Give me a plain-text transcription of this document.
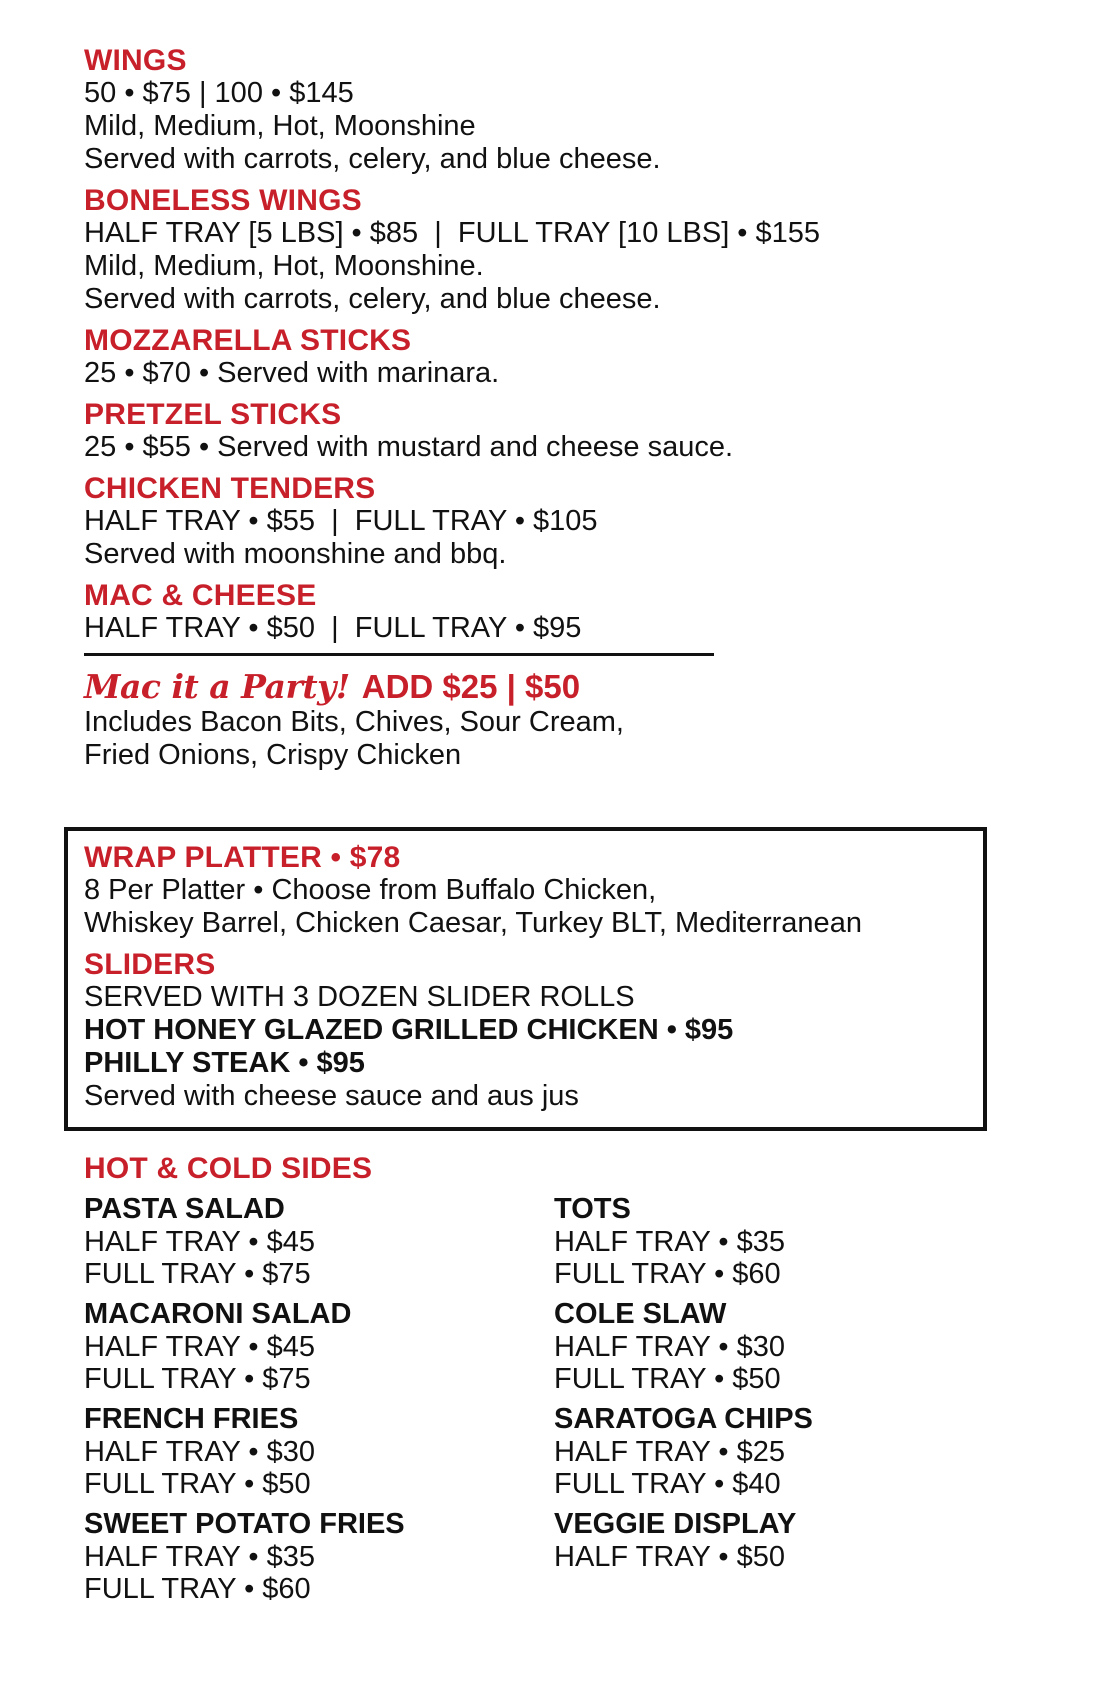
WINGS
50 • $75 | 100 • $145
Mild, Medium, Hot, Moonshine
Served with carrots, celery, and blue cheese.
BONELESS WINGS
HALF TRAY [5 LBS] • $85  |  FULL TRAY [10 LBS] • $155
Mild, Medium, Hot, Moonshine.
Served with carrots, celery, and blue cheese.
MOZZARELLA STICKS
25 • $70 • Served with marinara.
PRETZEL STICKS
25 • $55 • Served with mustard and cheese sauce.
CHICKEN TENDERS
HALF TRAY • $55  |  FULL TRAY • $105
Served with moonshine and bbq.
MAC & CHEESE
HALF TRAY • $50  |  FULL TRAY • $95
Mac it a Party! ADD $25 | $50
Includes Bacon Bits, Chives, Sour Cream,
Fried Onions, Crispy Chicken
WRAP PLATTER • $78
8 Per Platter • Choose from Buffalo Chicken,
Whiskey Barrel, Chicken Caesar, Turkey BLT, Mediterranean
SLIDERS
SERVED WITH 3 DOZEN SLIDER ROLLS
HOT HONEY GLAZED GRILLED CHICKEN • $95
PHILLY STEAK • $95
Served with cheese sauce and aus jus
HOT & COLD SIDES
PASTA SALAD
HALF TRAY • $45
FULL TRAY • $75
MACARONI SALAD
HALF TRAY • $45
FULL TRAY • $75
FRENCH FRIES
HALF TRAY • $30
FULL TRAY • $50
SWEET POTATO FRIES
HALF TRAY • $35
FULL TRAY • $60
TOTS
HALF TRAY • $35
FULL TRAY • $60
COLE SLAW
HALF TRAY • $30
FULL TRAY • $50
SARATOGA CHIPS
HALF TRAY • $25
FULL TRAY • $40
VEGGIE DISPLAY
HALF TRAY • $50
